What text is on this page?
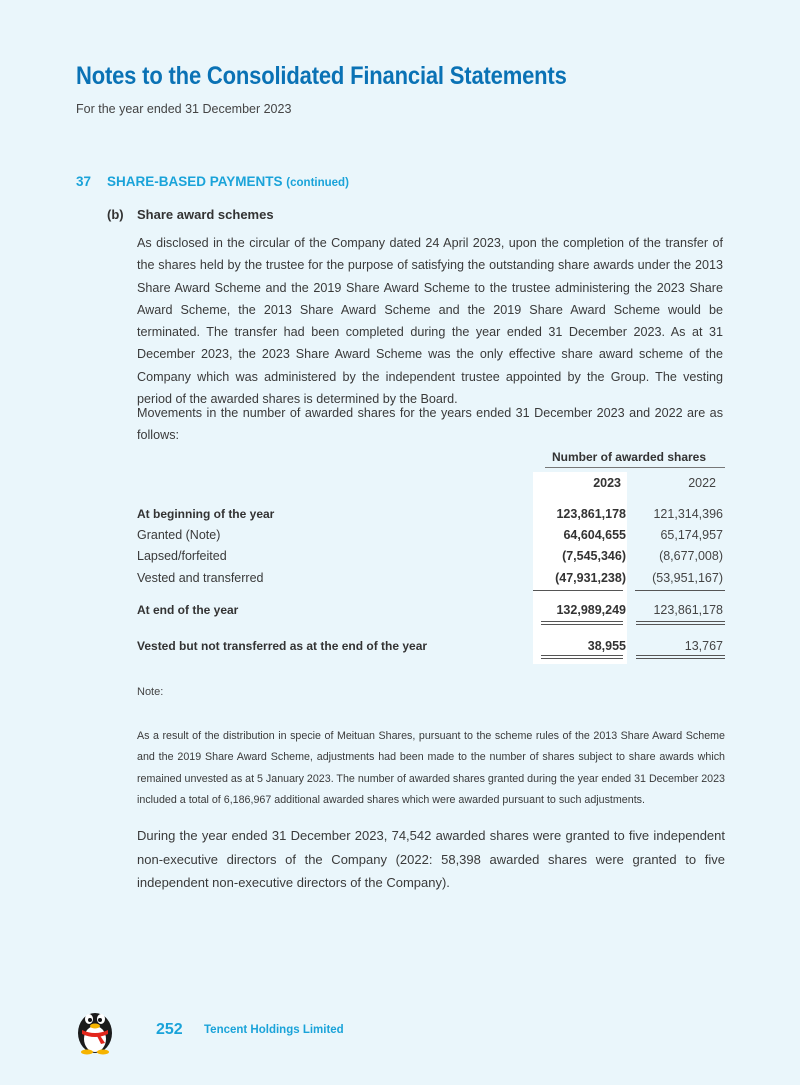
Notes to the Consolidated Financial Statements
For the year ended 31 December 2023
37 SHARE-BASED PAYMENTS (continued)
(b) Share award schemes
As disclosed in the circular of the Company dated 24 April 2023, upon the completion of the transfer of the shares held by the trustee for the purpose of satisfying the outstanding share awards under the 2013 Share Award Scheme and the 2019 Share Award Scheme to the trustee administering the 2023 Share Award Scheme, the 2013 Share Award Scheme and the 2019 Share Award Scheme would be terminated. The transfer had been completed during the year ended 31 December 2023. As at 31 December 2023, the 2023 Share Award Scheme was the only effective share award scheme of the Company which was administered by the independent trustee appointed by the Group. The vesting period of the awarded shares is determined by the Board.
Movements in the number of awarded shares for the years ended 31 December 2023 and 2022 are as follows:
Number of awarded shares
2023	2022
At beginning of the year	123,861,178 121,314,396
Granted (Note)	64,604,655	65,174,957
Lapsed/forfeited	(7,545,346)	(8,677,008)
Vested and transferred	(47,931,238) (53,951,167)
At end of the year	132,989,249 123,861,178
Vested but not transferred as at the end of the year	38,955	13,767
Note:
As a result of the distribution in specie of Meituan Shares, pursuant to the scheme rules of the 2013 Share Award Scheme and the 2019 Share Award Scheme, adjustments had been made to the number of shares subject to share awards which remained unvested as at 5 January 2023. The number of awarded shares granted during the year ended 31 December 2023 included a total of 6,186,967 additional awarded shares which were awarded pursuant to such adjustments.
During the year ended 31 December 2023, 74,542 awarded shares were granted to five independent non-executive directors of the Company (2022: 58,398 awarded shares were granted to five independent non-executive directors of the Company).
252 Tencent Holdings Limited
